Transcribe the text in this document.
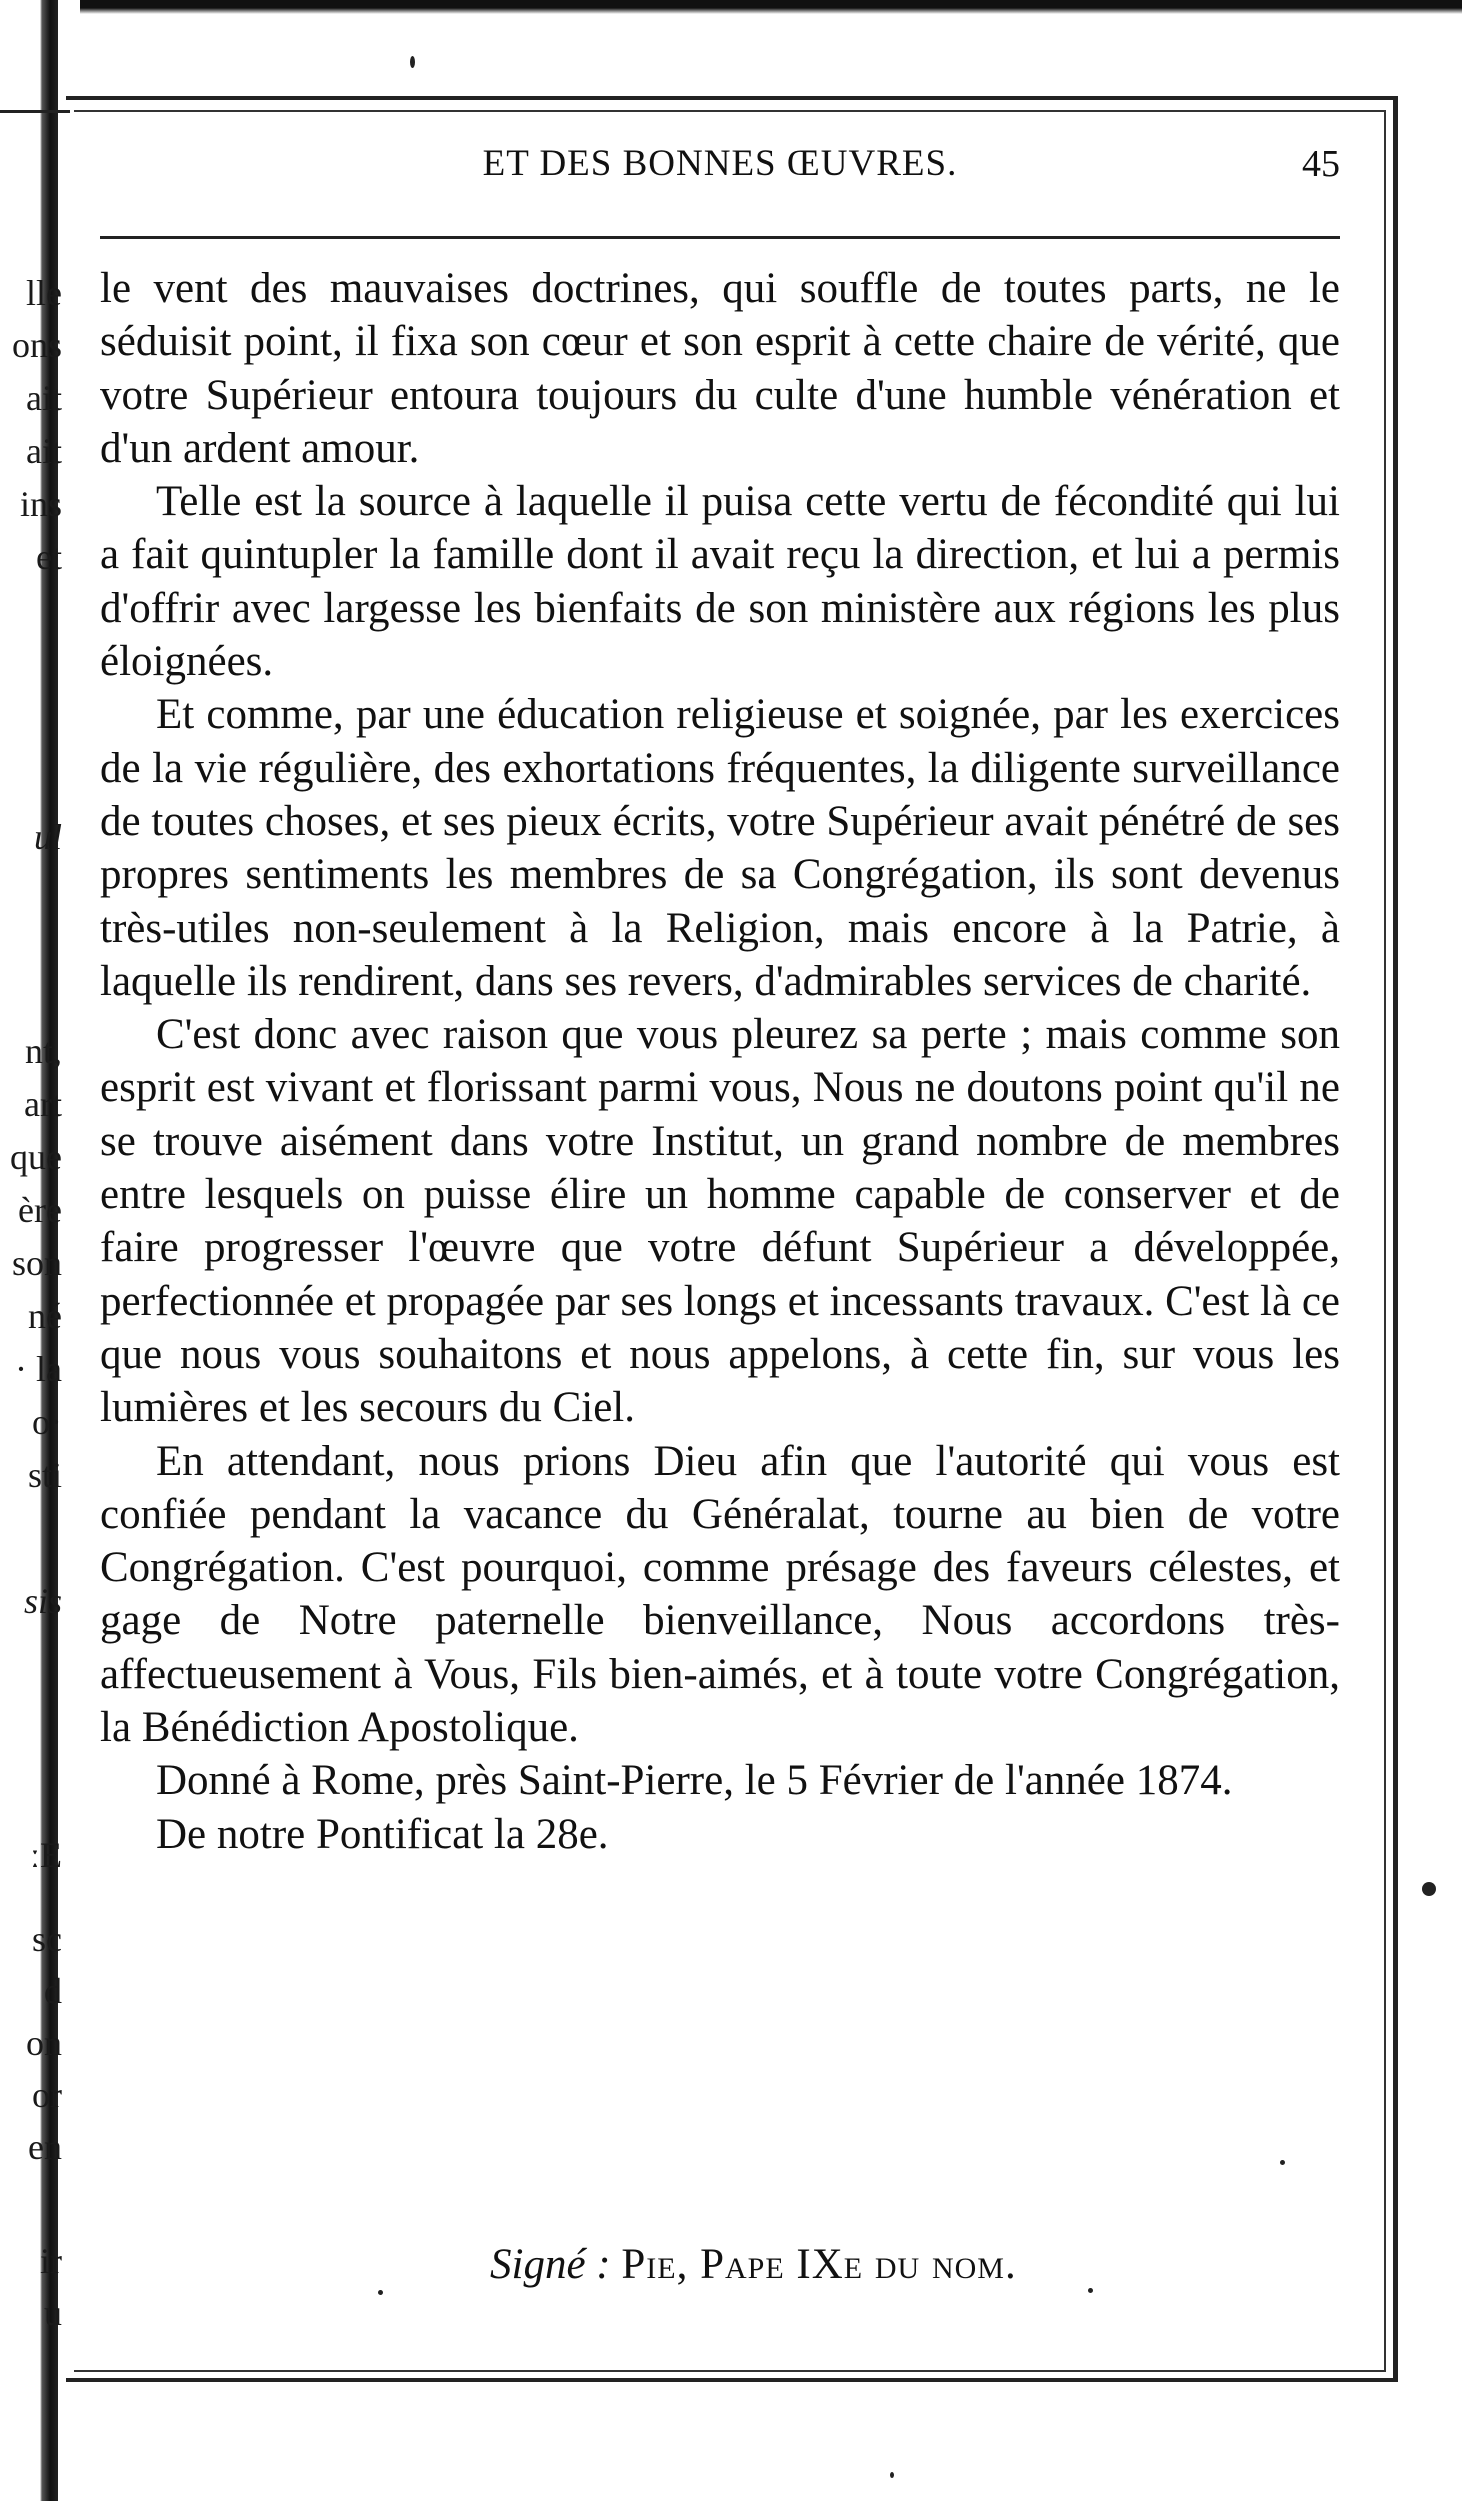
lle
ons
ait
ait
ins
et
ul
nt,
art
que
ère
son
né
· la
o·
sti
sis
ːE
sc
d
on
or
en
ir
u
ET DES BONNES ŒUVRES.	45

le vent des mauvaises doctrines, qui souffle de toutes parts, ne le séduisit point, il fixa son cœur et son esprit à cette chaire de vérité, que votre Supérieur entoura toujours du culte d'une humble vénération et d'un ardent amour.

Telle est la source à laquelle il puisa cette vertu de fécondité qui lui a fait quintupler la famille dont il avait reçu la direction, et lui a permis d'offrir avec largesse les bienfaits de son ministère aux régions les plus éloignées.

Et comme, par une éducation religieuse et soignée, par les exercices de la vie régulière, des exhortations fréquentes, la diligente surveillance de toutes choses, et ses pieux écrits, votre Supérieur avait pénétré de ses propres sentiments les membres de sa Congrégation, ils sont devenus très-utiles non-seulement à la Religion, mais encore à la Patrie, à laquelle ils rendirent, dans ses revers, d'admirables services de charité.

C'est donc avec raison que vous pleurez sa perte ; mais comme son esprit est vivant et florissant parmi vous, Nous ne doutons point qu'il ne se trouve aisément dans votre Institut, un grand nombre de membres entre lesquels on puisse élire un homme capable de conserver et de faire progresser l'œuvre que votre défunt Supérieur a développée, perfectionnée et propagée par ses longs et incessants travaux. C'est là ce que nous vous souhaitons et nous appelons, à cette fin, sur vous les lumières et les secours du Ciel.

En attendant, nous prions Dieu afin que l'autorité qui vous est confiée pendant la vacance du Généralat, tourne au bien de votre Congrégation. C'est pourquoi, comme présage des faveurs célestes, et gage de Notre paternelle bienveillance, Nous accordons très-affectueusement à Vous, Fils bien-aimés, et à toute votre Congrégation, la Bénédiction Apostolique.

Donné à Rome, près Saint-Pierre, le 5 Février de l'année 1874.

De notre Pontificat la 28e.

Signé : Pie, Pape IXe du nom.
